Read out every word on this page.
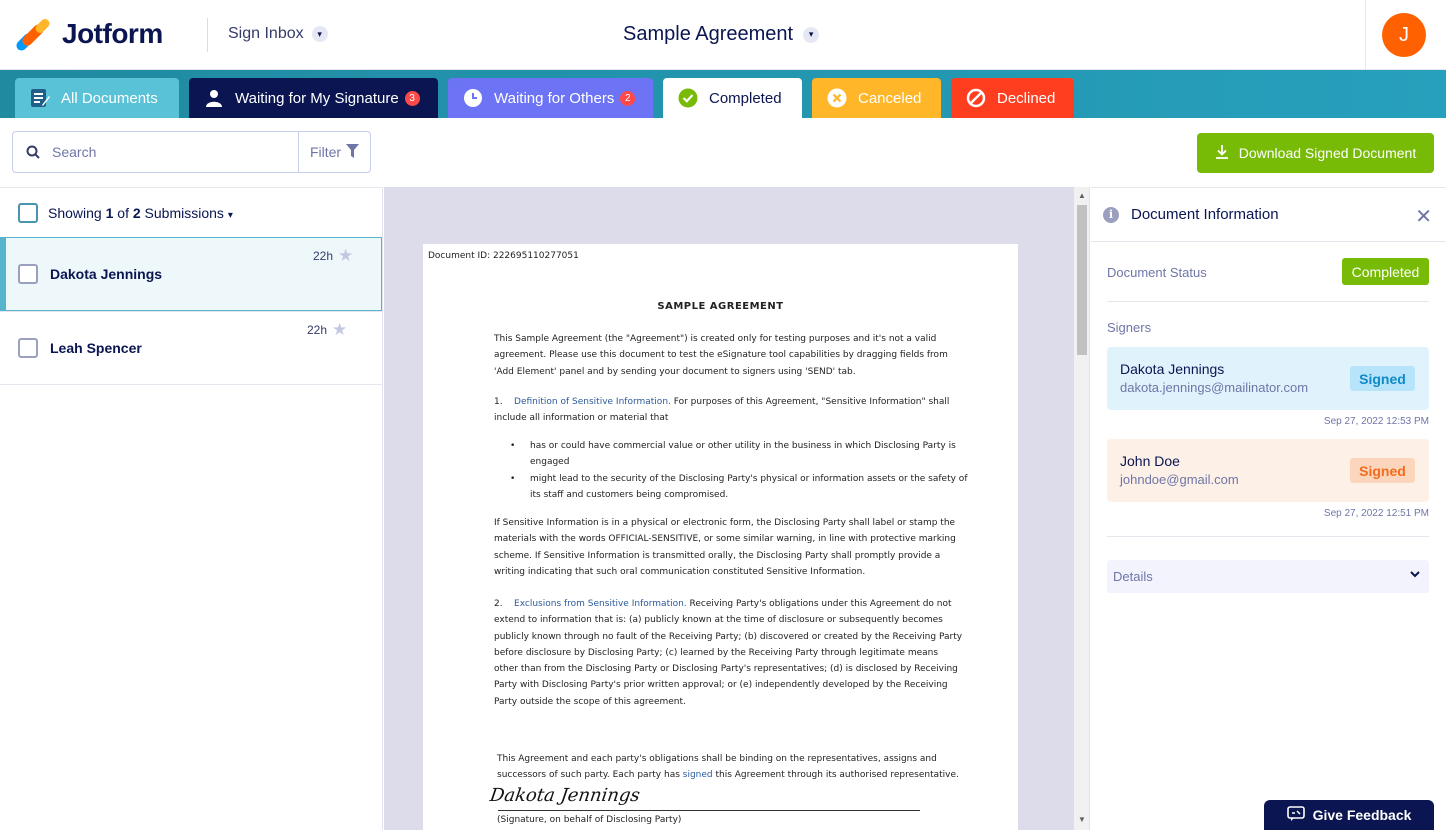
Jotform	Sign Inbox	▾	Sample Agreement	▾	J
All Documents	Waiting for My Signature	3	Waiting for Others	2	Completed	Canceled	Declined
Search
Filter	Download Signed Document
Showing 1 of 2 Submissions ▾
Dakota Jennings
22h ★
Leah Spencer
22h ★
Document ID: 222695110277051
SAMPLE AGREEMENT

This Sample Agreement (the "Agreement") is created only for testing purposes and it's not a valid agreement. Please use this document to test the eSignature tool capabilities by dragging fields from 'Add Element' panel and by sending your document to signers using 'SEND' tab.

1. Definition of Sensitive Information. For purposes of this Agreement, "Sensitive Information" shall include all information or material that

• has or could have commercial value or other utility in the business in which Disclosing Party is engaged
• might lead to the security of the Disclosing Party's physical or information assets or the safety of its staff and customers being compromised.

If Sensitive Information is in a physical or electronic form, the Disclosing Party shall label or stamp the materials with the words OFFICIAL-SENSITIVE, or some similar warning, in line with protective marking scheme. If Sensitive Information is transmitted orally, the Disclosing Party shall promptly provide a writing indicating that such oral communication constituted Sensitive Information.

2. Exclusions from Sensitive Information. Receiving Party's obligations under this Agreement do not extend to information that is: (a) publicly known at the time of disclosure or subsequently becomes publicly known through no fault of the Receiving Party; (b) discovered or created by the Receiving Party before disclosure by Disclosing Party; (c) learned by the Receiving Party through legitimate means other than from the Disclosing Party or Disclosing Party's representatives; (d) is disclosed by Receiving Party with Disclosing Party's prior written approval; or (e) independently developed by the Receiving Party outside the scope of this agreement.

This Agreement and each party's obligations shall be binding on the representatives, assigns and successors of such party. Each party has signed this Agreement through its authorised representative.

Dakota Jennings
(Signature, on behalf of Disclosing Party)
▲
▼
i	Document Information	✕
Document Status	Completed
Signers
Dakota Jennings
dakota.jennings@mailinator.com
Signed
Sep 27, 2022 12:53 PM
John Doe
johndoe@gmail.com
Signed
Sep 27, 2022 12:51 PM
Details
Give Feedback
